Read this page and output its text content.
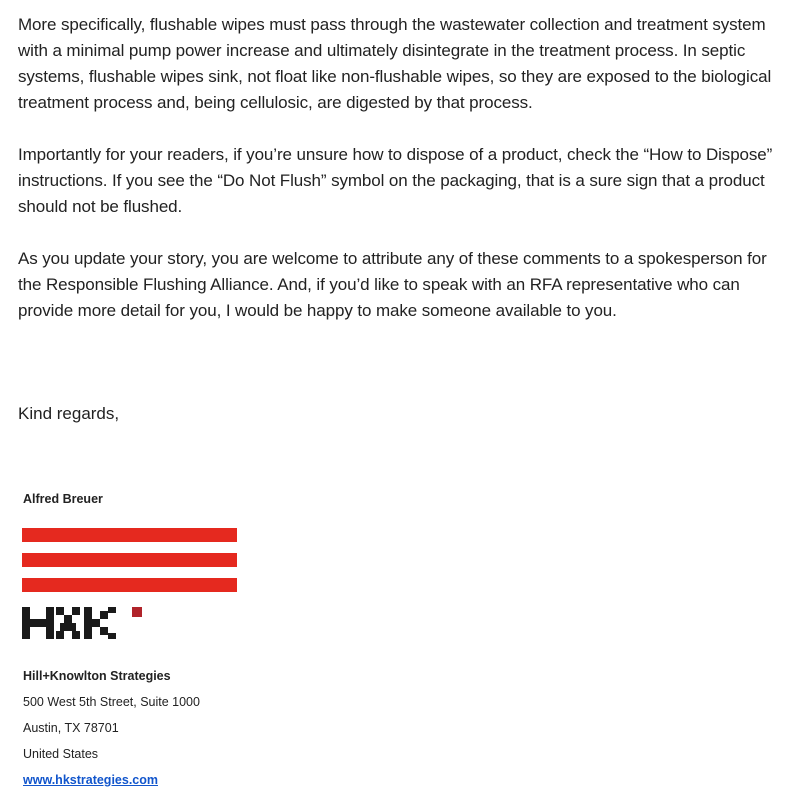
More specifically, flushable wipes must pass through the wastewater collection and treatment system with a minimal pump power increase and ultimately disintegrate in the treatment process. In septic systems, flushable wipes sink, not float like non-flushable wipes, so they are exposed to the biological treatment process and, being cellulosic, are digested by that process.

Importantly for your readers, if you’re unsure how to dispose of a product, check the “How to Dispose” instructions. If you see the “Do Not Flush” symbol on the packaging, that is a sure sign that a product should not be flushed.

As you update your story, you are welcome to attribute any of these comments to a spokesperson for the Responsible Flushing Alliance. And, if you’d like to speak with an RFA representative who can provide more detail for you, I would be happy to make someone available to you.

Kind regards,

Alfred Breuer

Hill+Knowlton Strategies

500 West 5th Street, Suite 1000

Austin, TX 78701

United States

www.hkstrategies.com
